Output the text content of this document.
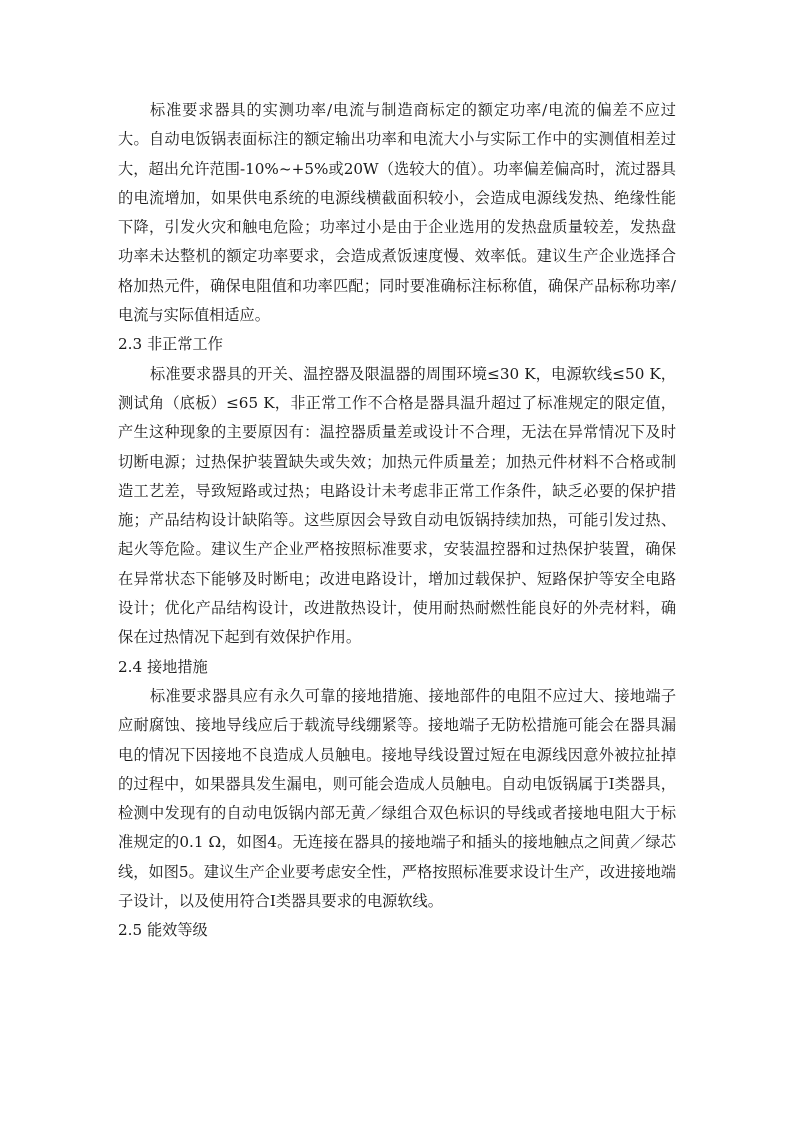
标准要求器具的实测功率/电流与制造商标定的额定功率/电流的偏差不应过大。自动电饭锅表面标注的额定输出功率和电流大小与实际工作中的实测值相差过大，超出允许范围-10%~+5%或20W（选较大的值）。功率偏差偏高时，流过器具的电流增加，如果供电系统的电源线横截面积较小，会造成电源线发热、绝缘性能下降，引发火灾和触电危险；功率过小是由于企业选用的发热盘质量较差，发热盘功率未达整机的额定功率要求，会造成煮饭速度慢、效率低。建议生产企业选择合格加热元件，确保电阻值和功率匹配；同时要准确标注标称值，确保产品标称功率/电流与实际值相适应。

2.3 非正常工作

标准要求器具的开关、温控器及限温器的周围环境≤30 K，电源软线≤50 K，测试角（底板）≤65 K，非正常工作不合格是器具温升超过了标准规定的限定值，产生这种现象的主要原因有：温控器质量差或设计不合理，无法在异常情况下及时切断电源；过热保护装置缺失或失效；加热元件质量差；加热元件材料不合格或制造工艺差，导致短路或过热；电路设计未考虑非正常工作条件，缺乏必要的保护措施；产品结构设计缺陷等。这些原因会导致自动电饭锅持续加热，可能引发过热、起火等危险。建议生产企业严格按照标准要求，安装温控器和过热保护装置，确保在异常状态下能够及时断电；改进电路设计，增加过载保护、短路保护等安全电路设计；优化产品结构设计，改进散热设计，使用耐热耐燃性能良好的外壳材料，确保在过热情况下起到有效保护作用。

2.4 接地措施

标准要求器具应有永久可靠的接地措施、接地部件的电阻不应过大、接地端子应耐腐蚀、接地导线应后于载流导线绷紧等。接地端子无防松措施可能会在器具漏电的情况下因接地不良造成人员触电。接地导线设置过短在电源线因意外被拉扯掉的过程中，如果器具发生漏电，则可能会造成人员触电。自动电饭锅属于I类器具，检测中发现有的自动电饭锅内部无黄／绿组合双色标识的导线或者接地电阻大于标准规定的0.1 Ω，如图4。无连接在器具的接地端子和插头的接地触点之间黄／绿芯线，如图5。建议生产企业要考虑安全性，严格按照标准要求设计生产，改进接地端子设计，以及使用符合I类器具要求的电源软线。

2.5 能效等级
